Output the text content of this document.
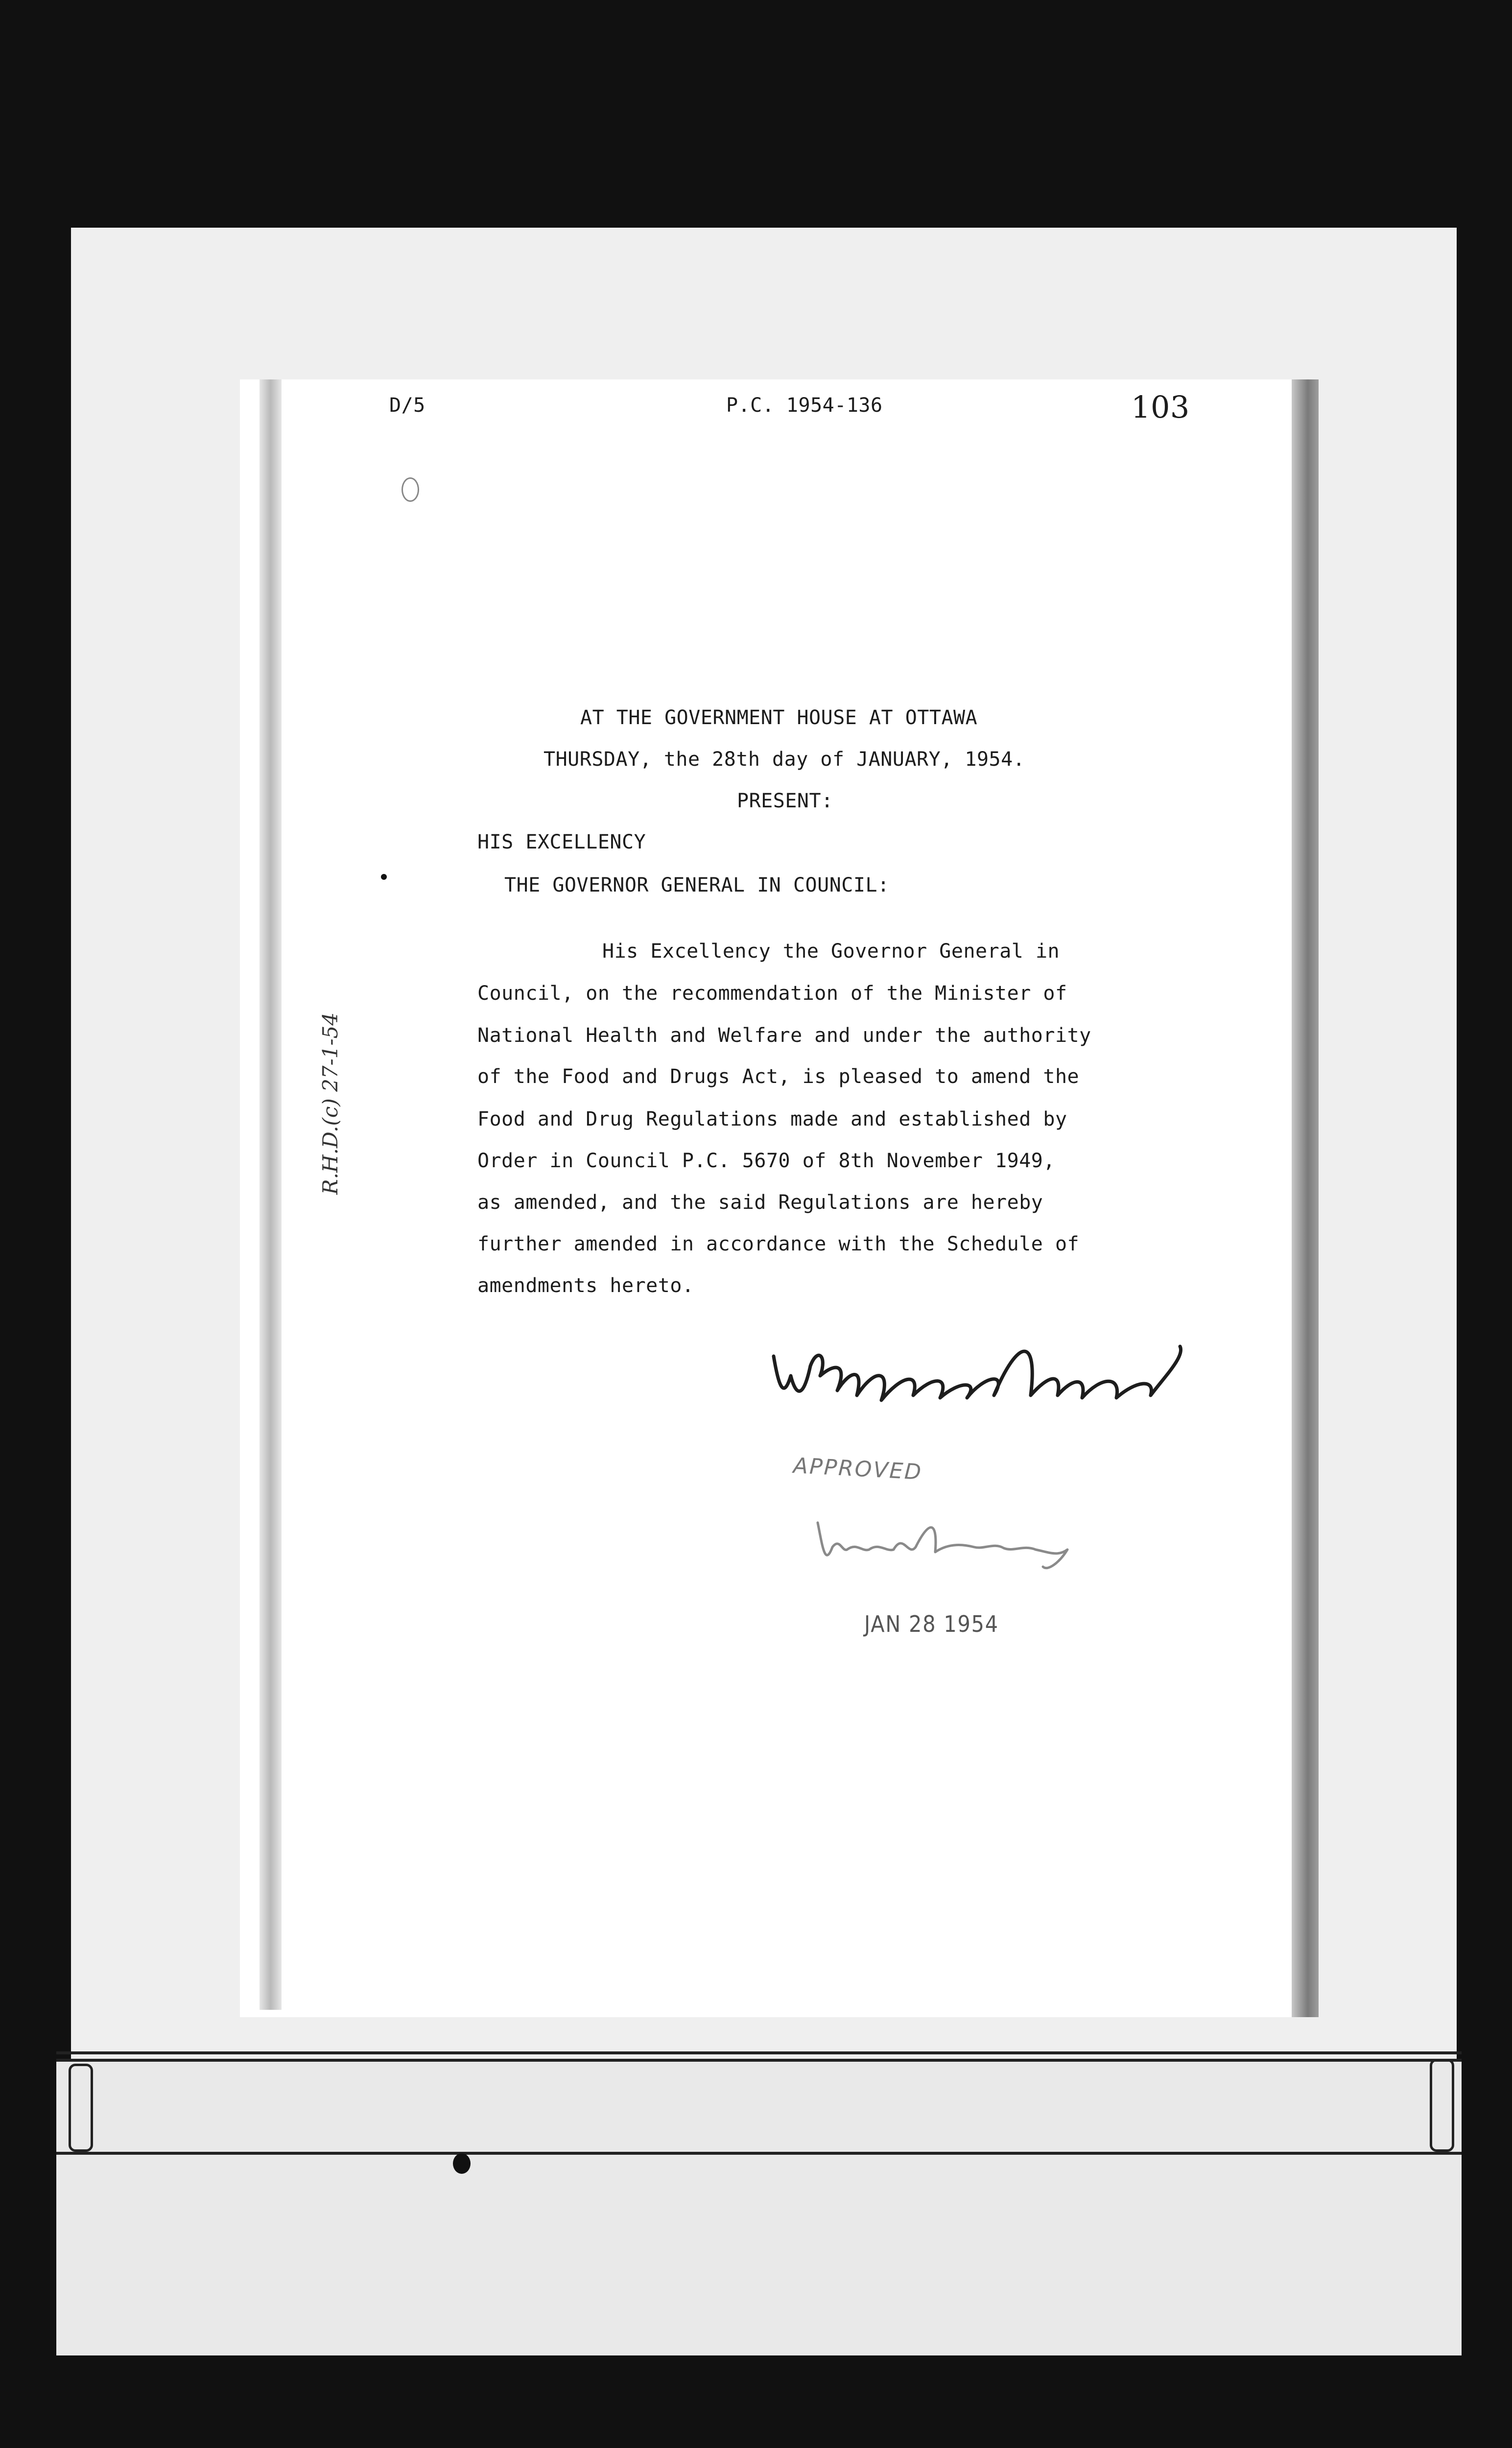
D/5	P.C. 1954-136	103
AT THE GOVERNMENT HOUSE AT OTTAWA
THURSDAY, the 28th day of JANUARY, 1954.
PRESENT:
HIS EXCELLENCY
THE GOVERNOR GENERAL IN COUNCIL:
His Excellency the Governor General in
Council, on the recommendation of the Minister of
National Health and Welfare and under the authority
of the Food and Drugs Act, is pleased to amend the
Food and Drug Regulations made and established by
Order in Council P.C. 5670 of 8th November 1949,
as amended, and the said Regulations are hereby
further amended in accordance with the Schedule of
amendments hereto.
R.H.D.(c) 27-1-54
APPROVED
JAN 28 1954
